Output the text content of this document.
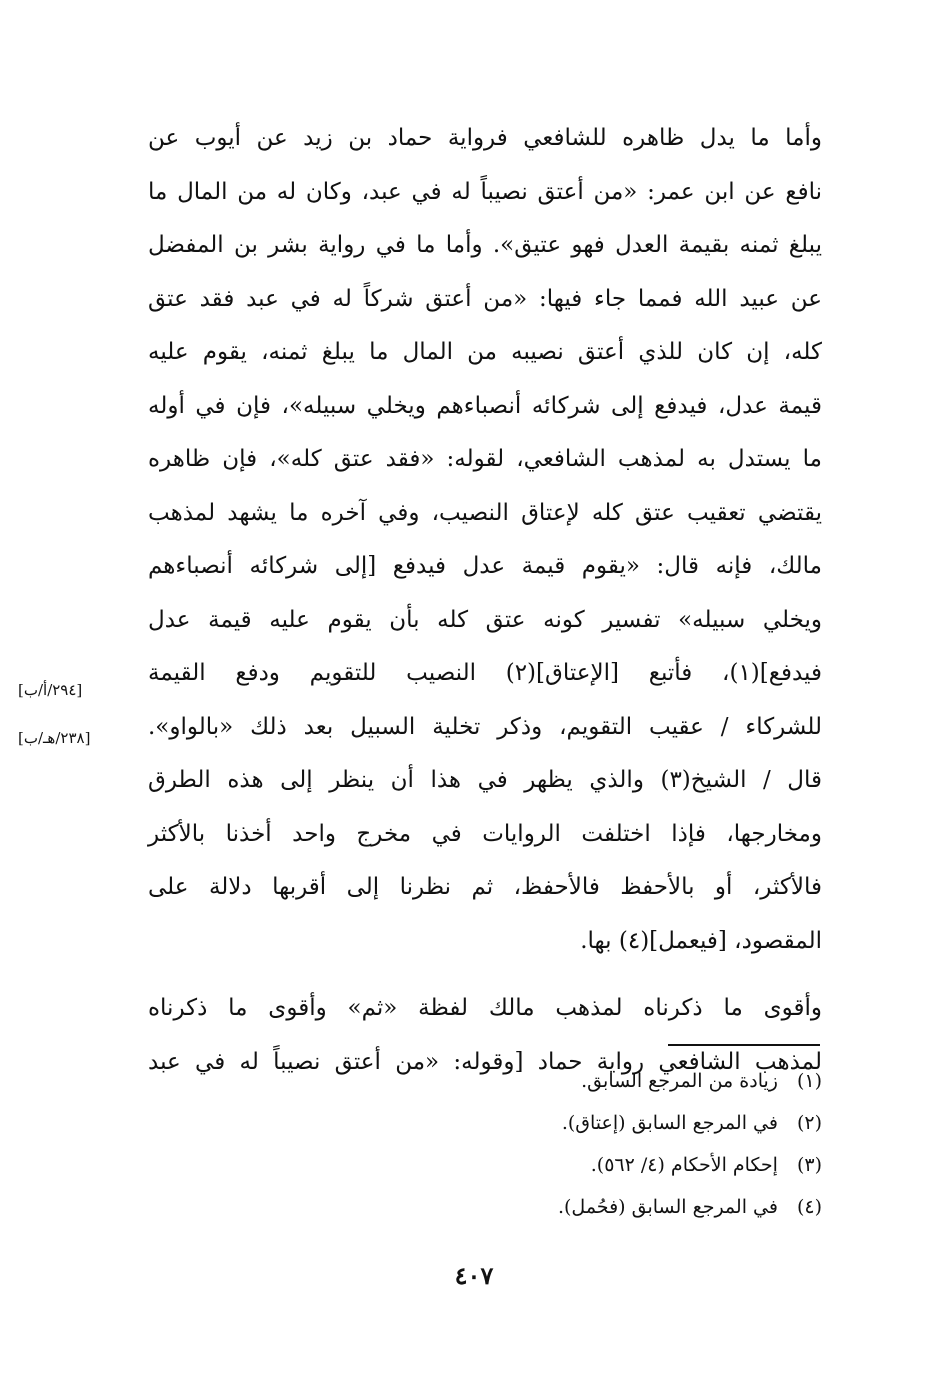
وأما ما يدل ظاهره للشافعي فرواية حماد بن زيد عن أيوب عن
نافع عن ابن عمر: «من أعتق نصيباً له في عبد، وكان له من المال ما
يبلغ ثمنه بقيمة العدل فهو عتيق». وأما ما في رواية بشر بن المفضل
عن عبيد الله فمما جاء فيها: «من أعتق شركاً له في عبد فقد عتق
كله، إن كان للذي أعتق نصيبه من المال ما يبلغ ثمنه، يقوم عليه
قيمة عدل، فيدفع إلى شركائه أنصباءهم ويخلي سبيله»، فإن في أوله
ما يستدل به لمذهب الشافعي، لقوله: «فقد عتق كله»، فإن ظاهره
يقتضي تعقيب عتق كله لإعتاق النصيب، وفي آخره ما يشهد لمذهب
مالك، فإنه قال: «يقوم قيمة عدل فيدفع [إلى شركائه أنصباءهم
ويخلي سبيله» تفسير كونه عتق كله بأن يقوم عليه قيمة عدل
فيدفع](١)، فأتبع [الإعتاق](٢) النصيب للتقويم ودفع القيمة
للشركاء / عقيب التقويم، وذكر تخلية السبيل بعد ذلك «بالواو».
قال / الشيخ(٣) والذي يظهر في هذا أن ينظر إلى هذه الطرق
ومخارجها، فإذا اختلفت الروايات في مخرج واحد أخذنا بالأكثر
فالأكثر، أو بالأحفظ فالأحفظ، ثم نظرنا إلى أقربها دلالة على
المقصود، [فيعمل](٤) بها.
وأقوى ما ذكرناه لمذهب مالك لفظة «ثم» وأقوى ما ذكرناه
لمذهب الشافعي رواية حماد [وقوله: «من أعتق نصيباً له في عبد
[٢٩٤/أ/ب]
[٢٣٨/هـ/ب]
(١) زيادة من المرجع السابق.
(٢) في المرجع السابق (إعتاق).
(٣) إحكام الأحكام (٤/ ٥٦٢).
(٤) في المرجع السابق (فحُمل).
٤٠٧
